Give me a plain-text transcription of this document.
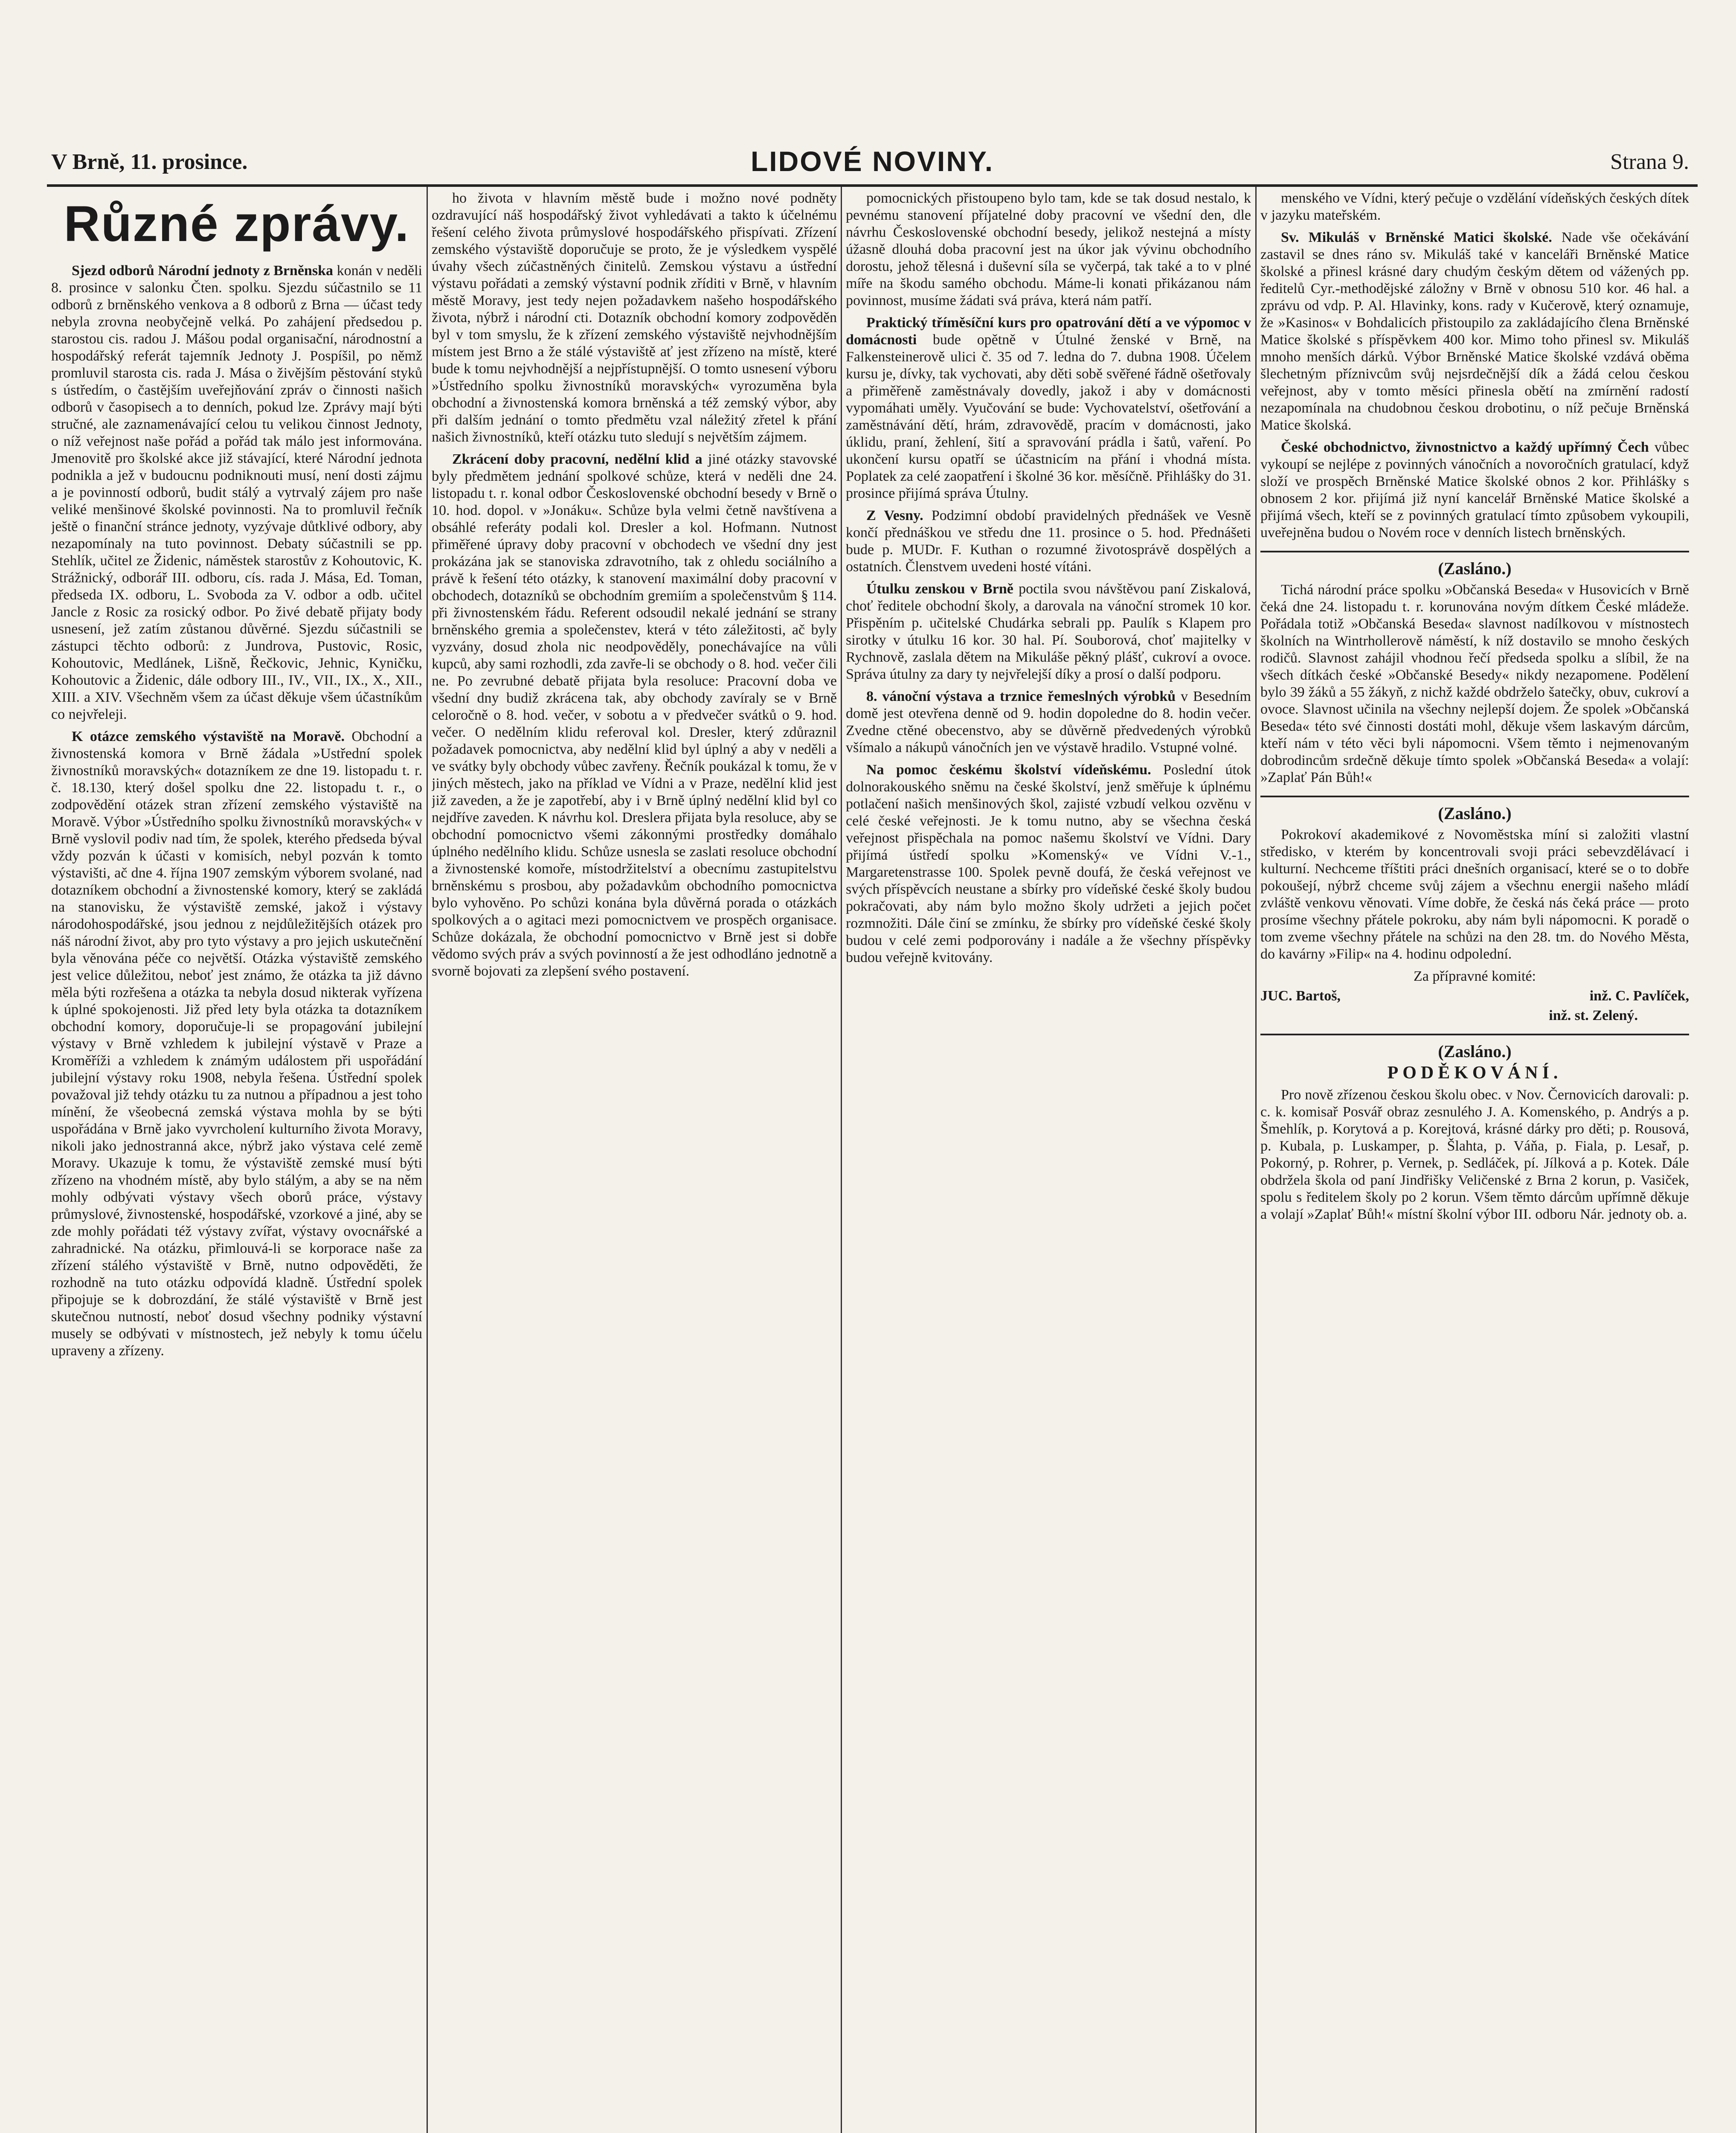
V Brně, 11. prosince.	LIDOVÉ NOVINY.	Strana 9.
Různé zprávy.

Sjezd odborů Národní jednoty z Brněnska konán v neděli 8. prosince v salonku Čten. spolku. Sjezdu súčastnilo se 11 odborů z brněnského venkova a 8 odborů z Brna — účast tedy nebyla zrovna neobyčejně velká. Po zahájení předsedou p. starostou cis. radou J. Mášou podal organisační, národnostní a hospodářský referát tajemník Jednoty J. Pospíšil, po němž promluvil starosta cis. rada J. Mása o živějším pěstování styků s ústředím, o častějším uveřejňování zpráv o činnosti našich odborů v časopisech a to denních, pokud lze. Zprávy mají býti stručné, ale zaznamenávající celou tu velikou činnost Jednoty, o níž veřejnost naše pořád a pořád tak málo jest informována. Jmenovitě pro školské akce již stávající, které Národní jednota podnikla a jež v budoucnu podniknouti musí, není dosti zájmu a je povinností odborů, budit stálý a vytrvalý zájem pro naše veliké menšinové školské povinnosti. Na to promluvil řečník ještě o finanční stránce jednoty, vyzývaje důtklivé odbory, aby nezapomínaly na tuto povinnost. Debaty súčastnili se pp. Stehlík, učitel ze Židenic, náměstek starostův z Kohoutovic, K. Strážnický, odborář III. odboru, cís. rada J. Mása, Ed. Toman, předseda IX. odboru, L. Svoboda za V. odbor a odb. učitel Jancle z Rosic za rosický odbor. Po živé debatě přijaty body usnesení, jež zatím zůstanou důvěrné. Sjezdu súčastnili se zástupci těchto odborů: z Jundrova, Pustovic, Rosic, Kohoutovic, Medlánek, Lišně, Řečkovic, Jehnic, Kyničku, Kohoutovic a Židenic, dále odbory III., IV., VII., IX., X., XII., XIII. a XIV. Všechněm všem za účast děkuje všem účastníkům co nejvřeleji.

K otázce zemského výstaviště na Moravě. Obchodní a živnostenská komora v Brně žádala »Ustřední spolek živnostníků moravských« dotazníkem ze dne 19. listopadu t. r. č. 18.130, který došel spolku dne 22. listopadu t. r., o zodpovědění otázek stran zřízení zemského výstaviště na Moravě. Výbor »Ústředního spolku živnostníků moravských« v Brně vyslovil podiv nad tím, že spolek, kterého předseda býval vždy pozván k účasti v komisích, nebyl pozván k tomto výstavišti, ač dne 4. října 1907 zemským výborem svolané, nad dotazníkem obchodní a živnostenské komory, který se zakládá na stanovisku, že výstaviště zemské, jakož i výstavy národohospodářské, jsou jednou z nejdůležitějších otázek pro náš národní život, aby pro tyto výstavy a pro jejich uskutečnění byla věnována péče co největší. Otázka výstaviště zemského jest velice důležitou, neboť jest známo, že otázka ta již dávno měla býti rozřešena a otázka ta nebyla dosud nikterak vyřízena k úplné spokojenosti. Již před lety byla otázka ta dotazníkem obchodní komory, doporučuje-li se propagování jubilejní výstavy v Brně vzhledem k jubilejní výstavě v Praze a Kroměříži a vzhledem k známým událostem při uspořádání jubilejní výstavy roku 1908, nebyla řešena. Ústřední spolek považoval již tehdy otázku tu za nutnou a případnou a jest toho mínění, že všeobecná zemská výstava mohla by se býti uspořádána v Brně jako vyvrcholení kulturního života Moravy, nikoli jako jednostranná akce, nýbrž jako výstava celé země Moravy. Ukazuje k tomu, že výstaviště zemské musí býti zřízeno na vhodném místě, aby bylo stálým, a aby se na něm mohly odbývati výstavy všech oborů práce, výstavy průmyslové, živnostenské, hospodářské, vzorkové a jiné, aby se zde mohly pořádati též výstavy zvířat, výstavy ovocnářské a zahradnické. Na otázku, přimlouvá-li se korporace naše za zřízení stálého výstaviště v Brně, nutno odpověděti, že rozhodně na tuto otázku odpovídá kladně. Ústřední spolek připojuje se k dobrozdání, že stálé výstaviště v Brně jest skutečnou nutností, neboť dosud všechny podniky výstavní musely se odbývati v místnostech, jež nebyly k tomu účelu upraveny a zřízeny.

ho života v hlavním městě bude i možno nové podněty ozdravující náš hospodářský život vyhledávati a takto k účelnému řešení celého života průmyslové hospodářského přispívati. Zřízení zemského výstaviště doporučuje se proto, že je výsledkem vyspělé úvahy všech zúčastněných činitelů. Zemskou výstavu a ústřední výstavu pořádati a zemský výstavní podnik zříditi v Brně, v hlavním městě Moravy, jest tedy nejen požadavkem našeho hospodářského života, nýbrž i národní cti. Dotazník obchodní komory zodpověděn byl v tom smyslu, že k zřízení zemského výstaviště nejvhodnějším místem jest Brno a že stálé výstaviště ať jest zřízeno na místě, které bude k tomu nejvhodnější a nejpřístupnější. O tomto usnesení výboru »Ústředního spolku živnostníků moravských« vyrozuměna byla obchodní a živnostenská komora brněnská a též zemský výbor, aby při dalším jednání o tomto předmětu vzal náležitý zřetel k přání našich živnostníků, kteří otázku tuto sledují s největším zájmem.

Zkrácení doby pracovní, nedělní klid a jiné otázky stavovské byly předmětem jednání spolkové schůze, která v neděli dne 24. listopadu t. r. konal odbor Československé obchodní besedy v Brně o 10. hod. dopol. v »Jonáku«. Schůze byla velmi četně navštívena a obsáhlé referáty podali kol. Dresler a kol. Hofmann. Nutnost přiměřené úpravy doby pracovní v obchodech ve všední dny jest prokázána jak se stanoviska zdravotního, tak z ohledu sociálního a právě k řešení této otázky, k stanovení maximální doby pracovní v obchodech, dotazníků se obchodním gremiím a společenstvům § 114. při živnostenském řádu. Referent odsoudil nekalé jednání se strany brněnského gremia a společenstev, která v této záležitosti, ač byly vyzvány, dosud zhola nic neodpověděly, ponechávajíce na vůli kupců, aby sami rozhodli, zda zavře-li se obchody o 8. hod. večer čili ne. Po zevrubné debatě přijata byla resoluce: Pracovní doba ve všední dny budiž zkrácena tak, aby obchody zavíraly se v Brně celoročně o 8. hod. večer, v sobotu a v předvečer svátků o 9. hod. večer. O nedělním klidu referoval kol. Dresler, který zdůraznil požadavek pomocnictva, aby nedělní klid byl úplný a aby v neděli a ve svátky byly obchody vůbec zavřeny. Řečník poukázal k tomu, že v jiných městech, jako na příklad ve Vídni a v Praze, nedělní klid jest již zaveden, a že je zapotřebí, aby i v Brně úplný nedělní klid byl co nejdříve zaveden. K návrhu kol. Dreslera přijata byla resoluce, aby se obchodní pomocnictvo všemi zákonnými prostředky domáhalo úplného nedělního klidu. Schůze usnesla se zaslati resoluce obchodní a živnostenské komoře, místodržitelství a obecnímu zastupitelstvu brněnskému s prosbou, aby požadavkům obchodního pomocnictva bylo vyhověno. Po schůzi konána byla důvěrná porada o otázkách spolkových a o agitaci mezi pomocnictvem ve prospěch organisace. Schůze dokázala, že obchodní pomocnictvo v Brně jest si dobře vědomo svých práv a svých povinností a že jest odhodláno jednotně a svorně bojovati za zlepšení svého postavení.

pomocnických přistoupeno bylo tam, kde se tak dosud nestalo, k pevnému stanovení příjatelné doby pracovní ve všední den, dle návrhu Československé obchodní besedy, jelikož nestejná a místy úžasně dlouhá doba pracovní jest na úkor jak vývinu obchodního dorostu, jehož tělesná i duševní síla se vyčerpá, tak také a to v plné míře na škodu samého obchodu. Máme-li konati přikázanou nám povinnost, musíme žádati svá práva, která nám patří.

Praktický tříměsíční kurs pro opatrování dětí a ve výpomoc v domácnosti bude opětně v Útulné ženské v Brně, na Falkensteinerově ulici č. 35 od 7. ledna do 7. dubna 1908. Účelem kursu je, dívky, tak vychovati, aby děti sobě svěřené řádně ošetřovaly a přiměřeně zaměstnávaly dovedly, jakož i aby v domácnosti vypomáhati uměly. Vyučování se bude: Vychovatelství, ošetřování a zaměstnávání dětí, hrám, zdravovědě, pracím v domácnosti, jako úklidu, praní, žehlení, šití a spravování prádla i šatů, vaření. Po ukončení kursu opatří se účastnicím na přání i vhodná místa. Poplatek za celé zaopatření i školné 36 kor. měsíčně. Přihlášky do 31. prosince přijímá správa Útulny.

Z Vesny. Podzimní období pravidelných přednášek ve Vesně končí přednáškou ve středu dne 11. prosince o 5. hod. Přednášeti bude p. MUDr. F. Kuthan o rozumné životosprávě dospělých a ostatních. Členstvem uvedeni hosté vítáni.

Útulku zenskou v Brně poctila svou návštěvou paní Ziskalová, choť ředitele obchodní školy, a darovala na vánoční stromek 10 kor. Přispěním p. učitelské Chudárka sebrali pp. Paulík s Klapem pro sirotky v útulku 16 kor. 30 hal. Pí. Souborová, choť majitelky v Rychnově, zaslala dětem na Mikuláše pěkný plášť, cukroví a ovoce. Správa útulny za dary ty nejvřelejší díky a prosí o další podporu.

8. vánoční výstava a trznice řemeslných výrobků v Besedním domě jest otevřena denně od 9. hodin dopoledne do 8. hodin večer. Zvedne ctěné obecenstvo, aby se důvěrně předvedených výrobků všímalo a nákupů vánočních jen ve výstavě hradilo. Vstupné volné.

Na pomoc českému školství vídeňskému. Poslední útok dolnorakouského sněmu na české školství, jenž směřuje k úplnému potlačení našich menšinových škol, zajisté vzbudí velkou ozvěnu v celé české veřejnosti. Je k tomu nutno, aby se všechna česká veřejnost přispěchala na pomoc našemu školství ve Vídni. Dary přijímá ústředí spolku »Komenský« ve Vídni V.-1., Margaretenstrasse 100. Spolek pevně doufá, že česká veřejnost ve svých příspěvcích neustane a sbírky pro vídeňské české školy budou pokračovati, aby nám bylo možno školy udržeti a jejich počet rozmnožiti. Dále činí se zmínku, že sbírky pro vídeňské české školy budou v celé zemi podporovány i nadále a že všechny příspěvky budou veřejně kvitovány.

menského ve Vídni, který pečuje o vzdělání vídeňských českých dítek v jazyku mateřském.

Sv. Mikuláš v Brněnské Matici školské. Nade vše očekávání zastavil se dnes ráno sv. Mikuláš také v kanceláři Brněnské Matice školské a přinesl krásné dary chudým českým dětem od vážených pp. ředitelů Cyr.-methodějské záložny v Brně v obnosu 510 kor. 46 hal. a zprávu od vdp. P. Al. Hlavinky, kons. rady v Kučerově, který oznamuje, že »Kasinos« v Bohdalicích přistoupilo za zakládajícího člena Brněnské Matice školské s příspěvkem 400 kor. Mimo toho přinesl sv. Mikuláš mnoho menších dárků. Výbor Brněnské Matice školské vzdává oběma šlechetným příznivcům svůj nejsrdečnější dík a žádá celou českou veřejnost, aby v tomto měsíci přinesla obětí na zmírnění radostí nezapomínala na chudobnou českou drobotinu, o níž pečuje Brněnská Matice školská.

České obchodnictvo, živnostnictvo a každý upřímný Čech vůbec vykoupí se nejlépe z povinných vánočních a novoročních gratulací, když složí ve prospěch Brněnské Matice školské obnos 2 kor. Přihlášky s obnosem 2 kor. přijímá již nyní kancelář Brněnské Matice školské a přijímá všech, kteří se z povinných gratulací tímto způsobem vykoupili, uveřejněna budou o Novém roce v denních listech brněnských.

(Zasláno.)

Tichá národní práce spolku »Občanská Beseda« v Husovicích v Brně čeká dne 24. listopadu t. r. korunována novým dítkem České mládeže. Pořádala totiž »Občanská Beseda« slavnost nadílkovou v místnostech školních na Wintrhollerově náměstí, k níž dostavilo se mnoho českých rodičů. Slavnost zahájil vhodnou řečí předseda spolku a slíbil, že na všech dítkách české »Občanské Besedy« nikdy nezapomene. Podělení bylo 39 žáků a 55 žákyň, z nichž každé obdrželo šatečky, obuv, cukroví a ovoce. Slavnost učinila na všechny nejlepší dojem. Že spolek »Občanská Beseda« této své činnosti dostáti mohl, děkuje všem laskavým dárcům, kteří nám v této věci byli nápomocni. Všem těmto i nejmenovaným dobrodincům srdečně děkuje tímto spolek »Občanská Beseda« a volají: »Zaplať Pán Bůh!«

(Zasláno.)

Pokrokoví akademikové z Novoměstska míní si založiti vlastní středisko, v kterém by koncentrovali svoji práci sebevzdělávací i kulturní. Nechceme tříštiti práci dnešních organisací, které se o to dobře pokoušejí, nýbrž chceme svůj zájem a všechnu energii našeho mládí zvláště venkovu věnovati. Víme dobře, že česká nás čeká práce — proto prosíme všechny přátele pokroku, aby nám byli nápomocni. K poradě o tom zveme všechny přátele na schůzi na den 28. tm. do Nového Města, do kavárny »Filip« na 4. hodinu odpolední.

Za přípravné komité:
JUC. Bartoš,	inž. C. Pavlíček,
inž. st. Zelený.
(Zasláno.)
PODĚKOVÁNÍ.

Pro nově zřízenou českou školu obec. v Nov. Černovicích darovali: p. c. k. komisař Posvář obraz zesnulého J. A. Komenského, p. Andrýs a p. Šmehlík, p. Korytová a p. Korejtová, krásné dárky pro děti; p. Rousová, p. Kubala, p. Luskamper, p. Šlahta, p. Váňa, p. Fiala, p. Lesař, p. Pokorný, p. Rohrer, p. Vernek, p. Sedláček, pí. Jílková a p. Kotek. Dále obdržela škola od paní Jindřišky Veličenské z Brna 2 korun, p. Vasiček, spolu s ředitelem školy po 2 korun. Všem těmto dárcům upřímně děkuje a volají »Zaplať Bůh!« místní školní výbor III. odboru Nár. jednoty ob. a.
